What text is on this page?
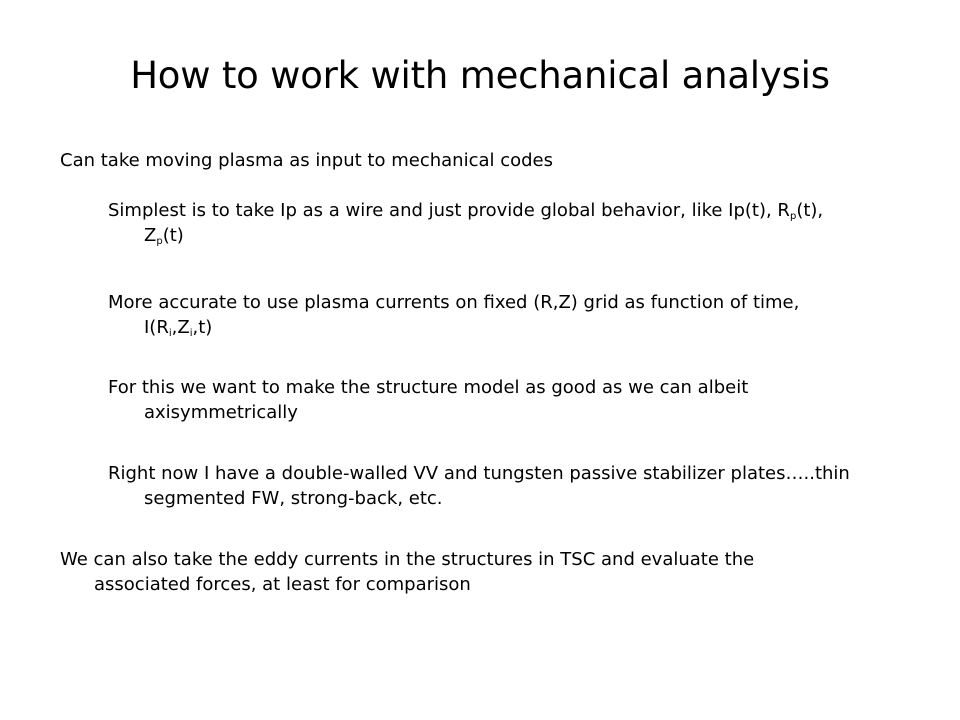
How to work with mechanical analysis
Can take moving plasma as input to mechanical codes
Simplest is to take Ip as a wire and just provide global behavior, like Ip(t), $R_p(t)$,
$Z_p(t)$
More accurate to use plasma currents on fixed (R,Z) grid as function of time,
$I(R_i,Z_i,t)$
For this we want to make the structure model as good as we can albeit
axisymmetrically
Right now I have a double-walled VV and tungsten passive stabilizer plates…..thin
segmented FW, strong-back, etc.
We can also take the eddy currents in the structures in TSC and evaluate the
associated forces, at least for comparison
